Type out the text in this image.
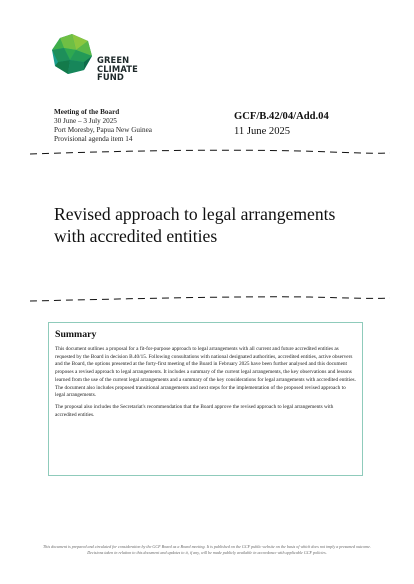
GREEN
CLIMATE
FUND
Meeting of the Board
30 June – 3 July 2025
Port Moresby, Papua New Guinea
Provisional agenda item 14
GCF/B.42/04/Add.04
11 June 2025
Revised approach to legal arrangements with accredited entities
Summary

This document outlines a proposal for a fit-for-purpose approach to legal arrangements with all current and future accredited entities as requested by the Board in decision B.40/15. Following consultations with national designated authorities, accredited entities, active observers and the Board, the options presented at the forty-first meeting of the Board in February 2025 have been further analysed and this document proposes a revised approach to legal arrangements. It includes a summary of the current legal arrangements, the key observations and lessons learned from the use of the current legal arrangements and a summary of the key considerations for legal arrangements with accredited entities. The document also includes proposed transitional arrangements and next steps for the implementation of the proposed revised approach to legal arrangements.

The proposal also includes the Secretariat's recommendation that the Board approve the revised approach to legal arrangements with accredited entities.

This document is prepared and circulated for consideration by the GCF Board as a Board meeting. It is published on the GCF public website on the basis of which does not imply a presumed outcome. Decisions taken in relation to this document and updates to it, if any, will be made publicly available in accordance with applicable GCF policies.
